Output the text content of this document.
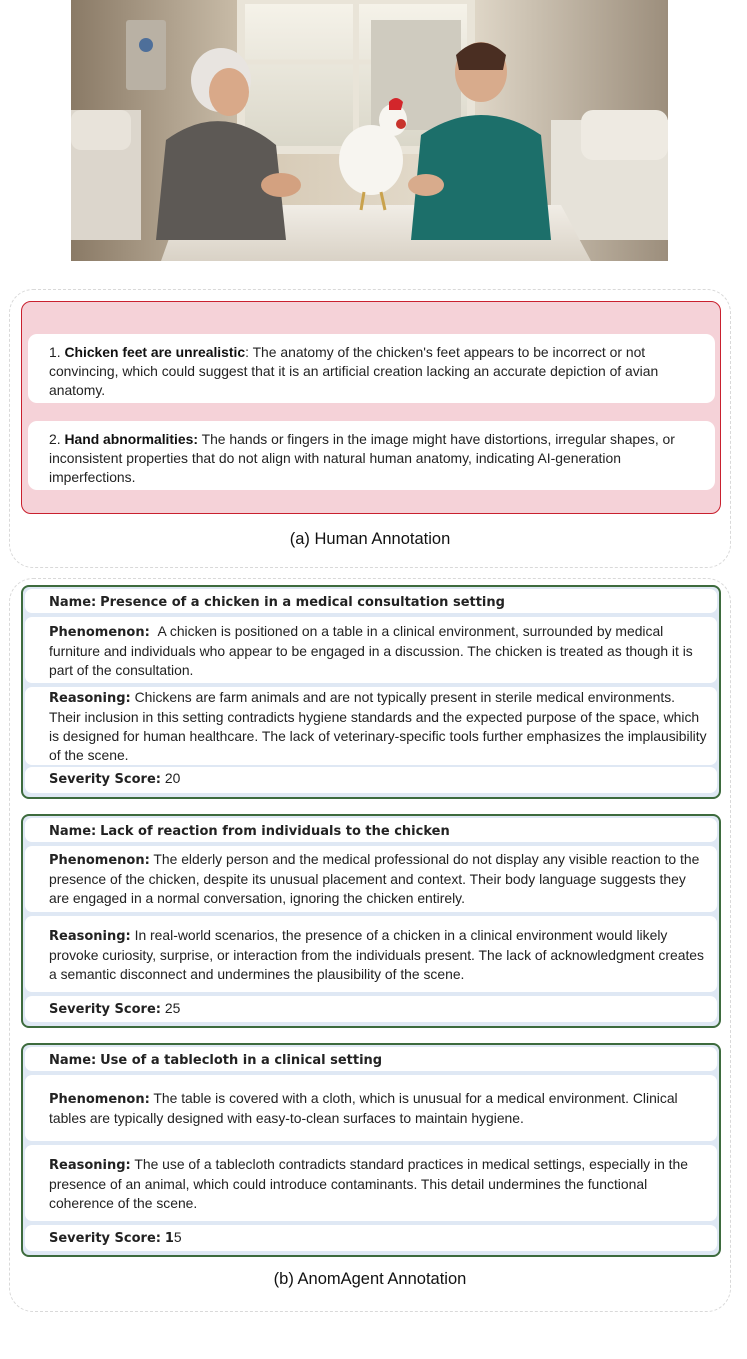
1. Chicken feet are unrealistic: The anatomy of the chicken's feet appears to be incorrect or not convincing, which could suggest that it is an artificial creation lacking an accurate depiction of avian anatomy.
2. Hand abnormalities: The hands or fingers in the image might have distortions, irregular shapes, or inconsistent properties that do not align with natural human anatomy, indicating AI-generation imperfections.
(a) Human Annotation
Name: Presence of a chicken in a medical consultation setting
Phenomenon: A chicken is positioned on a table in a clinical environment, surrounded by medical furniture and individuals who appear to be engaged in a discussion. The chicken is treated as though it is part of the consultation.
Reasoning: Chickens are farm animals and are not typically present in sterile medical environments. Their inclusion in this setting contradicts hygiene standards and the expected purpose of the space, which is designed for human healthcare. The lack of veterinary-specific tools further emphasizes the implausibility of the scene.
Severity Score: 20
Name: Lack of reaction from individuals to the chicken
Phenomenon: The elderly person and the medical professional do not display any visible reaction to the presence of the chicken, despite its unusual placement and context. Their body language suggests they are engaged in a normal conversation, ignoring the chicken entirely.
Reasoning: In real-world scenarios, the presence of a chicken in a clinical environment would likely provoke curiosity, surprise, or interaction from the individuals present. The lack of acknowledgment creates a semantic disconnect and undermines the plausibility of the scene.
Severity Score: 25
Name: Use of a tablecloth in a clinical setting
Phenomenon: The table is covered with a cloth, which is unusual for a medical environment. Clinical tables are typically designed with easy-to-clean surfaces to maintain hygiene.
Reasoning: The use of a tablecloth contradicts standard practices in medical settings, especially in the presence of an animal, which could introduce contaminants. This detail undermines the functional coherence of the scene.
Severity Score: 15
(b) AnomAgent Annotation
